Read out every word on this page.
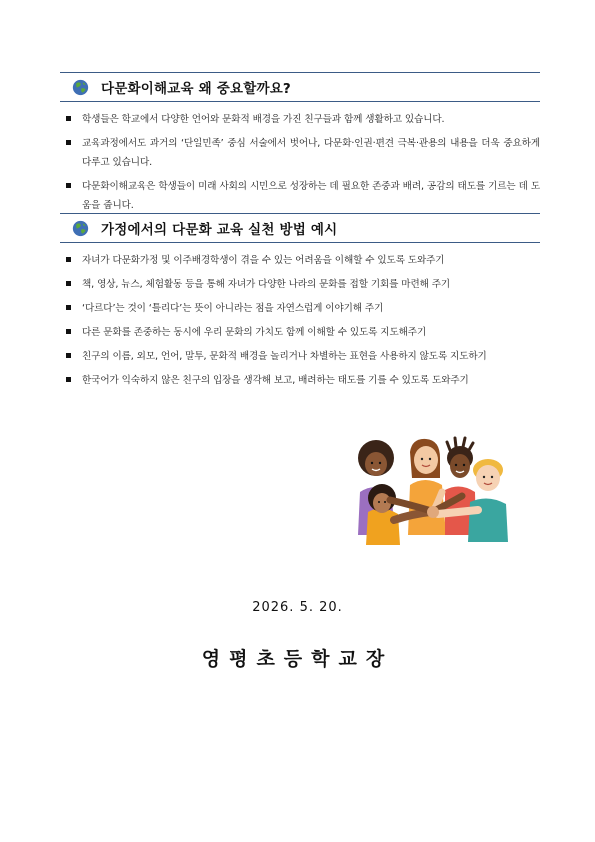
다문화이해교육 왜 중요할까요?
학생들은 학교에서 다양한 언어와 문화적 배경을 가진 친구들과 함께 생활하고 있습니다.
교육과정에서도 과거의 ‘단일민족’ 중심 서술에서 벗어나, 다문화·인권·편견 극복·관용의 내용을 더욱 중요하게 다루고 있습니다.
다문화이해교육은 학생들이 미래 사회의 시민으로 성장하는 데 필요한 존중과 배려, 공감의 태도를 기르는 데 도움을 줍니다.
가정에서의 다문화 교육 실천 방법 예시
자녀가 다문화가정 및 이주배경학생이 겪을 수 있는 어려움을 이해할 수 있도록 도와주기
책, 영상, 뉴스, 체험활동 등을 통해 자녀가 다양한 나라의 문화를 접할 기회를 마련해 주기
‘다르다’는 것이 ‘틀리다’는 뜻이 아니라는 점을 자연스럽게 이야기해 주기
다른 문화를 존중하는 동시에 우리 문화의 가치도 함께 이해할 수 있도록 지도해주기
친구의 이름, 외모, 언어, 말투, 문화적 배경을 놀리거나 차별하는 표현을 사용하지 않도록 지도하기
한국어가 익숙하지 않은 친구의 입장을 생각해 보고, 배려하는 태도를 기를 수 있도록 도와주기
2026. 5. 20.
영평초등학교장
